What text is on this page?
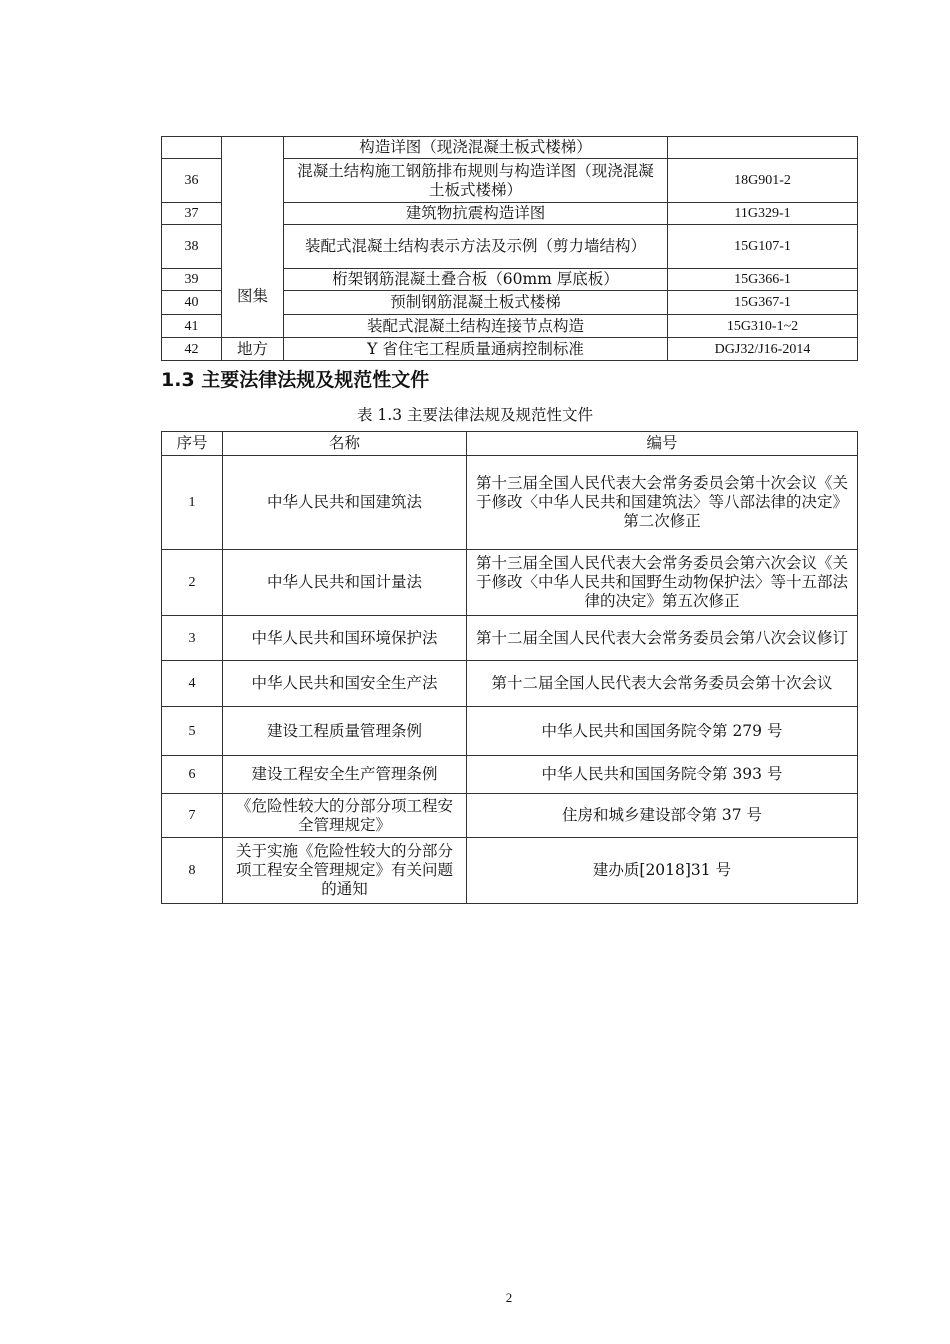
	图集	构造详图（现浇混凝土板式楼梯）	
36		混凝土结构施工钢筋排布规则与构造详图（现浇混凝土板式楼梯）	18G901-2
37		建筑物抗震构造详图	11G329-1
38		装配式混凝土结构表示方法及示例（剪力墙结构）	15G107-1
39		桁架钢筋混凝土叠合板（60mm 厚底板）	15G366-1
40		预制钢筋混凝土板式楼梯	15G367-1
41		装配式混凝土结构连接节点构造	15G310-1~2
42	地方	Y 省住宅工程质量通病控制标准	DGJ32/J16-2014
1.3 主要法律法规及规范性文件
表 1.3 主要法律法规及规范性文件
序号	名称	编号
1	中华人民共和国建筑法	第十三届全国人民代表大会常务委员会第十次会议《关于修改〈中华人民共和国建筑法〉等八部法律的决定》第二次修正
2	中华人民共和国计量法	第十三届全国人民代表大会常务委员会第六次会议《关于修改〈中华人民共和国野生动物保护法〉等十五部法律的决定》第五次修正
3	中华人民共和国环境保护法	第十二届全国人民代表大会常务委员会第八次会议修订
4	中华人民共和国安全生产法	第十二届全国人民代表大会常务委员会第十次会议
5	建设工程质量管理条例	中华人民共和国国务院令第 279 号
6	建设工程安全生产管理条例	中华人民共和国国务院令第 393 号
7	《危险性较大的分部分项工程安全管理规定》	住房和城乡建设部令第 37 号
8	关于实施《危险性较大的分部分项工程安全管理规定》有关问题的通知	建办质[2018]31 号
2
